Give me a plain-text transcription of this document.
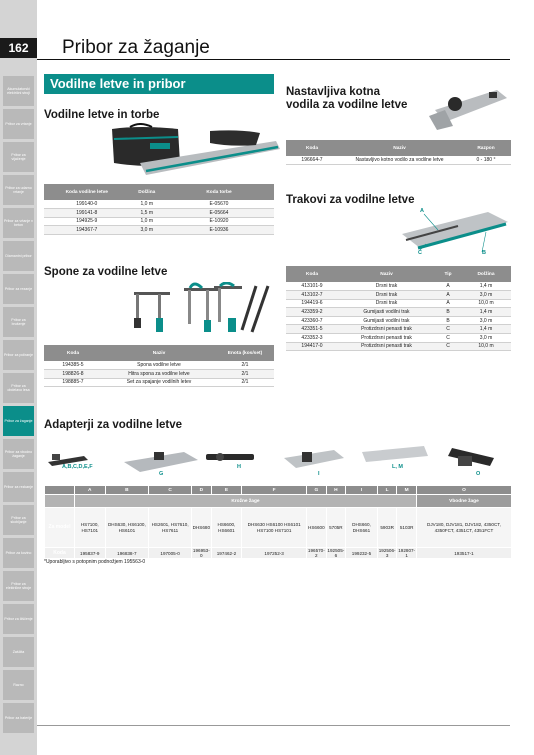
162
Akumulatorski električni stroji
Pribor za vrtanje
Pribor za vijačenje
Pribor za udarno vrtanje
Pribor za vrtanje v beton
Diamantni pribor
Pribor za rezanje
Pribor za brušenje
Pribor za poliranje
Pribor za obdelavo lesa
Pribor za žaganje
Pribor za vbodno žaganje
Pribor za rezkanje
Pribor za skobljanje
Pribor za kovino
Pribor za električne stroje
Pribor za čiščenje
Zaščita
Razno
Pribor za baterije
Pribor za žaganje
Vodilne letve in pribor
Vodilne letve in torbe
Koda vodilne letve	Dolžina	Koda torbe
199140-0	1,0 m	E-05670
199141-8	1,5 m	E-05664
194925-9	1,0 m	E-10920
194367-7	3,0 m	E-10936
Spone za vodilne letve
Koda	Naziv	Enota (kos/set)
194385-5	Spona vodilne letve	2/1
198826-8	Hitra spona za vodilne letve	2/1
198885-7	Set za spajanje vodilnih letev	2/1
Nastavljiva kotna vodila za vodilne letve
Koda	Naziv	Razpon
196664-7	Nastavljivo kotno vodilo za vodilne letve	0 - 180 °
Trakovi za vodilne letve
A
B
C
Koda	Naziv	Tip	Dolžina
413101-9	Drsni trak	A	1,4 m
413102-7	Drsni trak	A	3,0 m
194419-6	Drsni trak	A	10,0 m
423359-2	Gumijasti vodilni trak	B	1,4 m
423360-7	Gumijasti vodilni trak	B	3,0 m
423351-5	Protizdrsni penasti trak	C	1,4 m
423352-3	Protizdrsni penasti trak	C	3,0 m
194417-0	Protizdrsni penasti trak	C	10,0 m
Adapterji za vodilne letve
A,B,C,D,E,F
G
H
I
L, M
O
	A	B	C	D	E	F	G	H	I	L	M	O
	Krožne žage											Vbodne žage
Za model	HS7100, HS7101	DHS630, HS6100, HS6101	HS2601, HS7610, HS7611	DHS680	HS6600, HS6601	DHS630 HS6100 HS6101 HS7100 HS7101	HS6600	5705R	DHS660, DHS661	5903R	5103R	DJV180, DJV181, DJV182, 4350CT, 4350FCT, 4351CT, 4351FCT
Koda	195837-9	196838-7	197005-0	196953-0	197462-2	197252-3	196570-2	192505-6	199232-5	192506-3	192807-1	193517-1
*Uporabljivo s potopnim podnožjem 195563-0
